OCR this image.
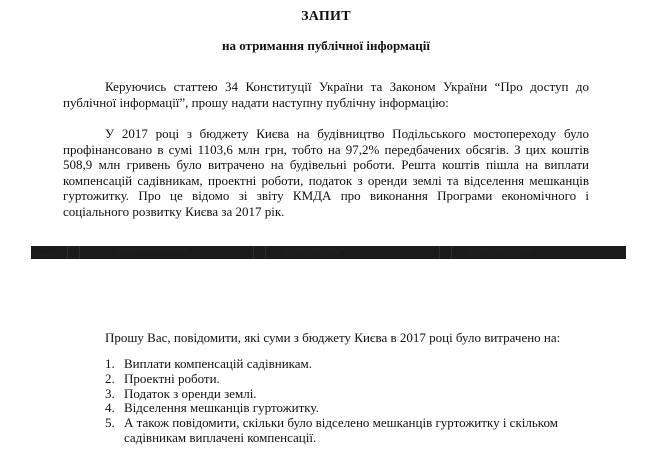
ЗАПИТ
на отримання публічної інформації
Керуючись статтею 34 Конституції України та Законом України “Про доступ до публічної інформації”, прошу надати наступну публічну інформацію:
У 2017 році з бюджету Києва на будівництво Подільського мостопереходу було профінансовано в сумі 1103,6 млн грн, тобто на 97,2% передбачених обсягів. З цих коштів 508,9 млн гривень було витрачено на будівельні роботи. Решта коштів пішла на виплати компенсацій садівникам, проектні роботи, податок з оренди землі та відселення мешканців гуртожитку. Про це відомо зі звіту КМДА про виконання Програми економічного і соціального розвитку Києва за 2017 рік.
░░░ ░░░░░░ ░░
░░░░░░ ░░░░░ ░░ ░░░░░░░ ░░░░ ░░░░░░░
░░░░░ ░░░
░░░░░░ ░░░░░░ ░░░░░░ ░░░░░░░ ░░░
░░░░░ ░░░░░ ░░░░░░ ░░░░░ ░░░░░
░░░░░░ ░░░░░ ░░░░░░░ ░░░░░ ░░░░ ░░░░
░░░░░ ░░░░░ ░░░░░░ ░░░░░ ░░░░░ ░░░
Прошу Вас, повідомити, які суми з бюджету Києва в 2017 році було витрачено на:
1. Виплати компенсацій садівникам.
2. Проектні роботи.
3. Податок з оренди землі.
4. Відселення мешканців гуртожитку.
5. А також повідомити, скільки було відселено мешканців гуртожитку і скільком садівникам виплачені компенсації.
